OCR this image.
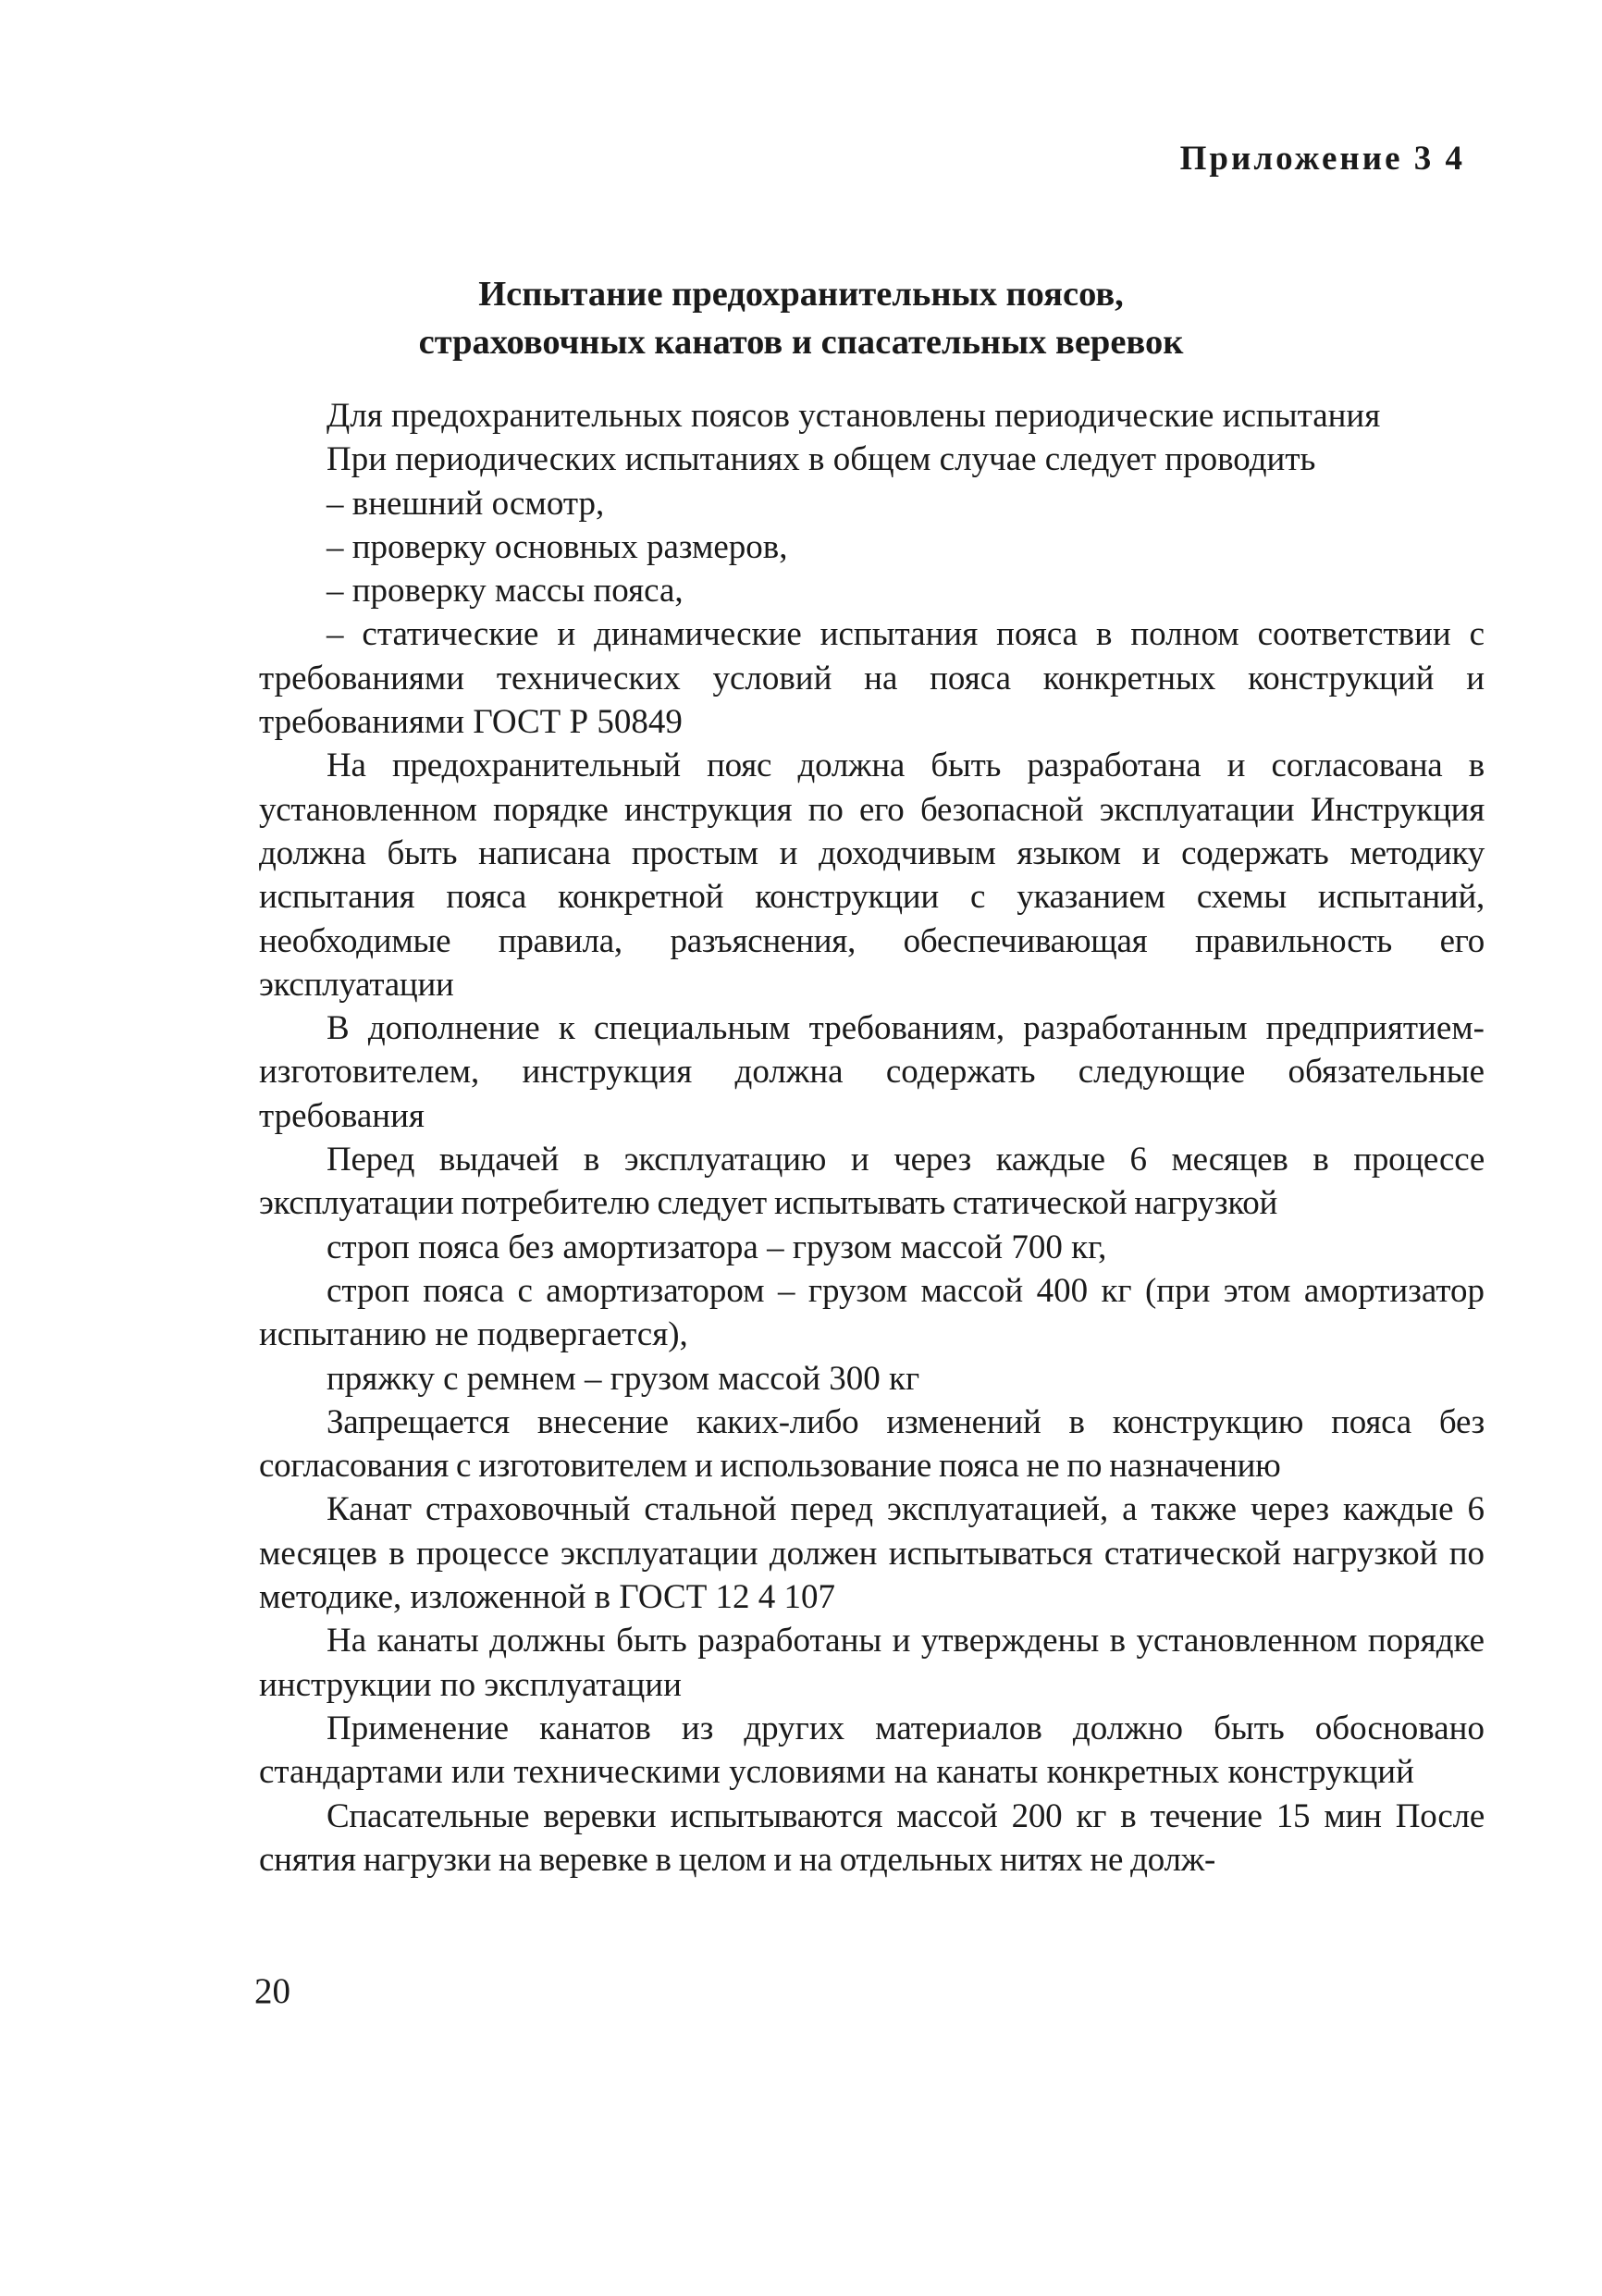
Приложение 3 4
Испытание предохранительных поясов,
страховочных канатов и спасательных веревок

Для предохранительных поясов установлены периодические испытания

При периодических испытаниях в общем случае следует проводить

– внешний осмотр,

– проверку основных размеров,

– проверку массы пояса,

– статические и динамические испытания пояса в полном соответствии с требованиями технических условий на пояса конкретных конструкций и требованиями ГОСТ Р 50849

На предохранительный пояс должна быть разработана и согласована в установленном порядке инструкция по его безопасной эксплуатации Инструкция должна быть написана простым и доходчивым языком и содержать методику испытания пояса конкретной конструкции с указанием схемы испытаний, необходимые правила, разъяснения, обеспечивающая правильность его эксплуатации

В дополнение к специальным требованиям, разработанным предприятием-изготовителем, инструкция должна содержать следующие обязательные требования

Перед выдачей в эксплуатацию и через каждые 6 месяцев в процессе эксплуатации потребителю следует испытывать статической нагрузкой

строп пояса без амортизатора – грузом массой 700 кг,

строп пояса с амортизатором – грузом массой 400 кг (при этом амортизатор испытанию не подвергается),

пряжку с ремнем – грузом массой 300 кг

Запрещается внесение каких-либо изменений в конструкцию пояса без согласования с изготовителем и использование пояса не по назначению

Канат страховочный стальной перед эксплуатацией, а также через каждые 6 месяцев в процессе эксплуатации должен испытываться статической нагрузкой по методике, изложенной в ГОСТ 12 4 107

На канаты должны быть разработаны и утверждены в установленном порядке инструкции по эксплуатации

Применение канатов из других материалов должно быть обосновано стандартами или техническими условиями на канаты конкретных конструкций

Спасательные веревки испытываются массой 200 кг в течение 15 мин После снятия нагрузки на веревке в целом и на отдельных нитях не долж-

20
